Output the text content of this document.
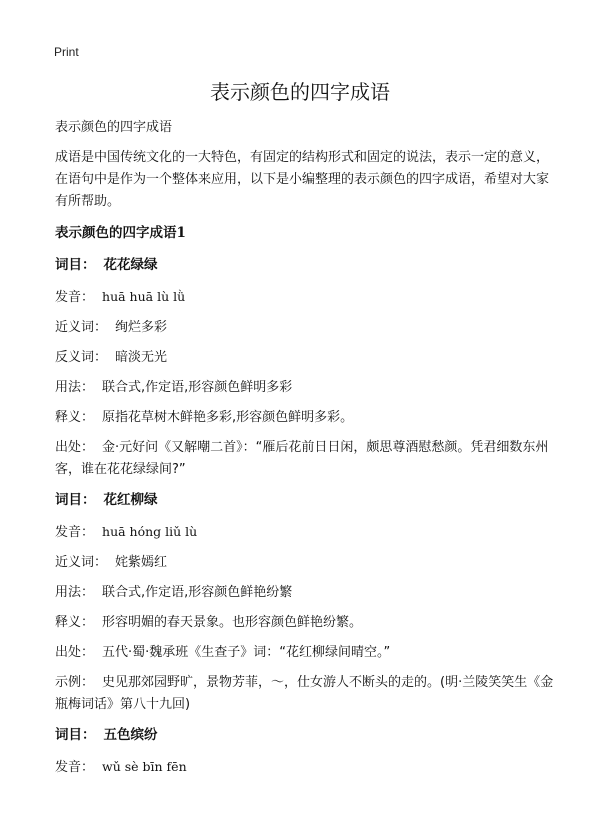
Print
表示颜色的四字成语

表示颜色的四字成语

成语是中国传统文化的一大特色，有固定的结构形式和固定的说法，表示一定的意义，在语句中是作为一个整体来应用，以下是小编整理的表示颜色的四字成语，希望对大家有所帮助。

表示颜色的四字成语1

词目： 花花绿绿

发音： huā huā lù lǜ

近义词： 绚烂多彩

反义词： 暗淡无光

用法： 联合式,作定语,形容颜色鲜明多彩

释义： 原指花草树木鲜艳多彩,形容颜色鲜明多彩。

出处： 金·元好问《又解嘲二首》：“雁后花前日日闲，颇思尊酒慰愁颜。凭君细数东州客，谁在花花绿绿间?”

词目： 花红柳绿

发音： huā hóng liǔ lù

近义词： 姹紫嫣红

用法： 联合式,作定语,形容颜色鲜艳纷繁

释义： 形容明媚的春天景象。也形容颜色鲜艳纷繁。

出处： 五代·蜀·魏承班《生查子》词：“花红柳绿间晴空。”

示例： 史见那郊园野旷，景物芳菲，～，仕女游人不断头的走的。(明·兰陵笑笑生《金瓶梅词话》第八十九回)

词目： 五色缤纷

发音： wǔ sè bīn fēn
